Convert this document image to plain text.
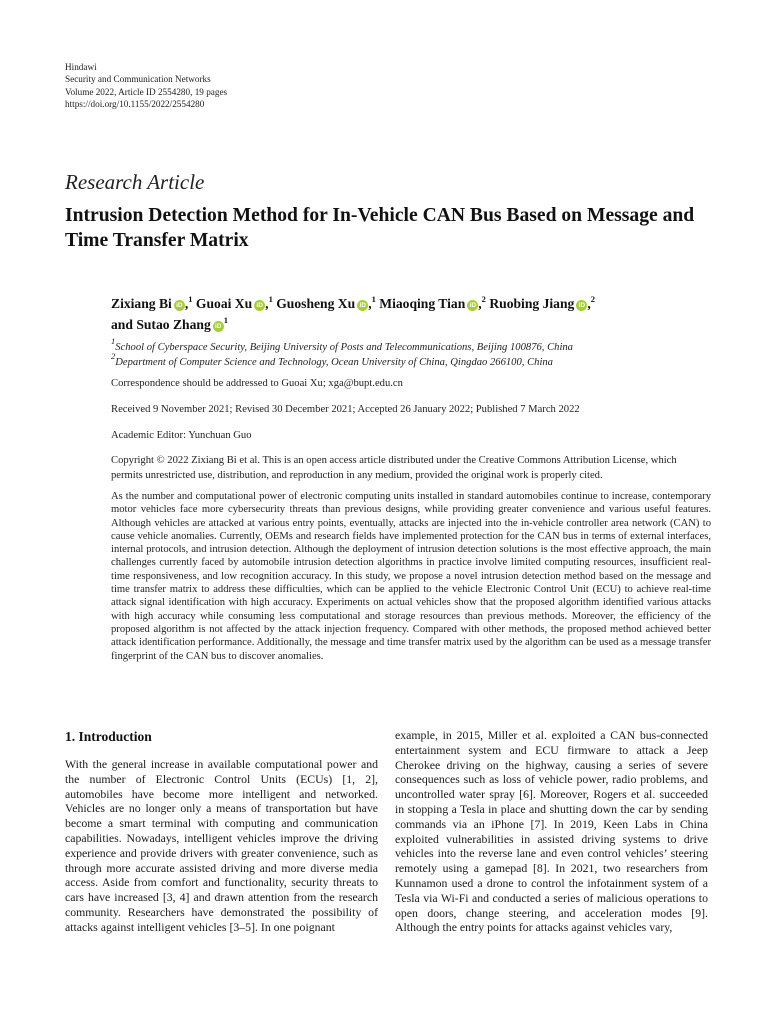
Hindawi
Security and Communication Networks
Volume 2022, Article ID 2554280, 19 pages
https://doi.org/10.1155/2022/2554280
Research Article
Intrusion Detection Method for In-Vehicle CAN Bus Based on Message and Time Transfer Matrix
Zixiang Bi iD ,$^1$ Guoai Xu iD ,$^1$ Guosheng Xu iD ,$^1$ Miaoqing Tian iD ,$^2$ Ruobing Jiang iD ,$^2$
and Sutao Zhang $iD^1$
$^1$School of Cyberspace Security, Beijing University of Posts and Telecommunications, Beijing 100876, China
$^2$Department of Computer Science and Technology, Ocean University of China, Qingdao 266100, China
Correspondence should be addressed to Guoai Xu; xga@bupt.edu.cn
Received 9 November 2021; Revised 30 December 2021; Accepted 26 January 2022; Published 7 March 2022
Academic Editor: Yunchuan Guo
Copyright © 2022 Zixiang Bi et al. This is an open access article distributed under the Creative Commons Attribution License, which permits unrestricted use, distribution, and reproduction in any medium, provided the original work is properly cited.
As the number and computational power of electronic computing units installed in standard automobiles continue to increase, contemporary motor vehicles face more cybersecurity threats than previous designs, while providing greater convenience and various useful features. Although vehicles are attacked at various entry points, eventually, attacks are injected into the in-vehicle controller area network (CAN) to cause vehicle anomalies. Currently, OEMs and research fields have implemented protection for the CAN bus in terms of external interfaces, internal protocols, and intrusion detection. Although the deployment of intrusion detection solutions is the most effective approach, the main challenges currently faced by automobile intrusion detection algorithms in practice involve limited computing resources, insufficient real-time responsiveness, and low recognition accuracy. In this study, we propose a novel intrusion detection method based on the message and time transfer matrix to address these difficulties, which can be applied to the vehicle Electronic Control Unit (ECU) to achieve real-time attack signal identification with high accuracy. Experiments on actual vehicles show that the proposed algorithm identified various attacks with high accuracy while consuming less computational and storage resources than previous methods. Moreover, the efficiency of the proposed algorithm is not affected by the attack injection frequency. Compared with other methods, the proposed method achieved better attack identification performance. Additionally, the message and time transfer matrix used by the algorithm can be used as a message transfer fingerprint of the CAN bus to discover anomalies.
1. Introduction
With the general increase in available computational power and the number of Electronic Control Units (ECUs) [1, 2], automobiles have become more intelligent and networked. Vehicles are no longer only a means of transportation but have become a smart terminal with computing and communication capabilities. Nowadays, intelligent vehicles improve the driving experience and provide drivers with greater convenience, such as through more accurate assisted driving and more diverse media access. Aside from comfort and functionality, security threats to cars have increased [3, 4] and drawn attention from the research community. Researchers have demonstrated the possibility of attacks against intelligent vehicles [3–5]. In one poignant
example, in 2015, Miller et al. exploited a CAN bus-connected entertainment system and ECU firmware to attack a Jeep Cherokee driving on the highway, causing a series of severe consequences such as loss of vehicle power, radio problems, and uncontrolled water spray [6]. Moreover, Rogers et al. succeeded in stopping a Tesla in place and shutting down the car by sending commands via an iPhone [7]. In 2019, Keen Labs in China exploited vulnerabilities in assisted driving systems to drive vehicles into the reverse lane and even control vehicles’ steering remotely using a gamepad [8]. In 2021, two researchers from Kunnamon used a drone to control the infotainment system of a Tesla via Wi-Fi and conducted a series of malicious operations to open doors, change steering, and acceleration modes [9]. Although the entry points for attacks against vehicles vary,
